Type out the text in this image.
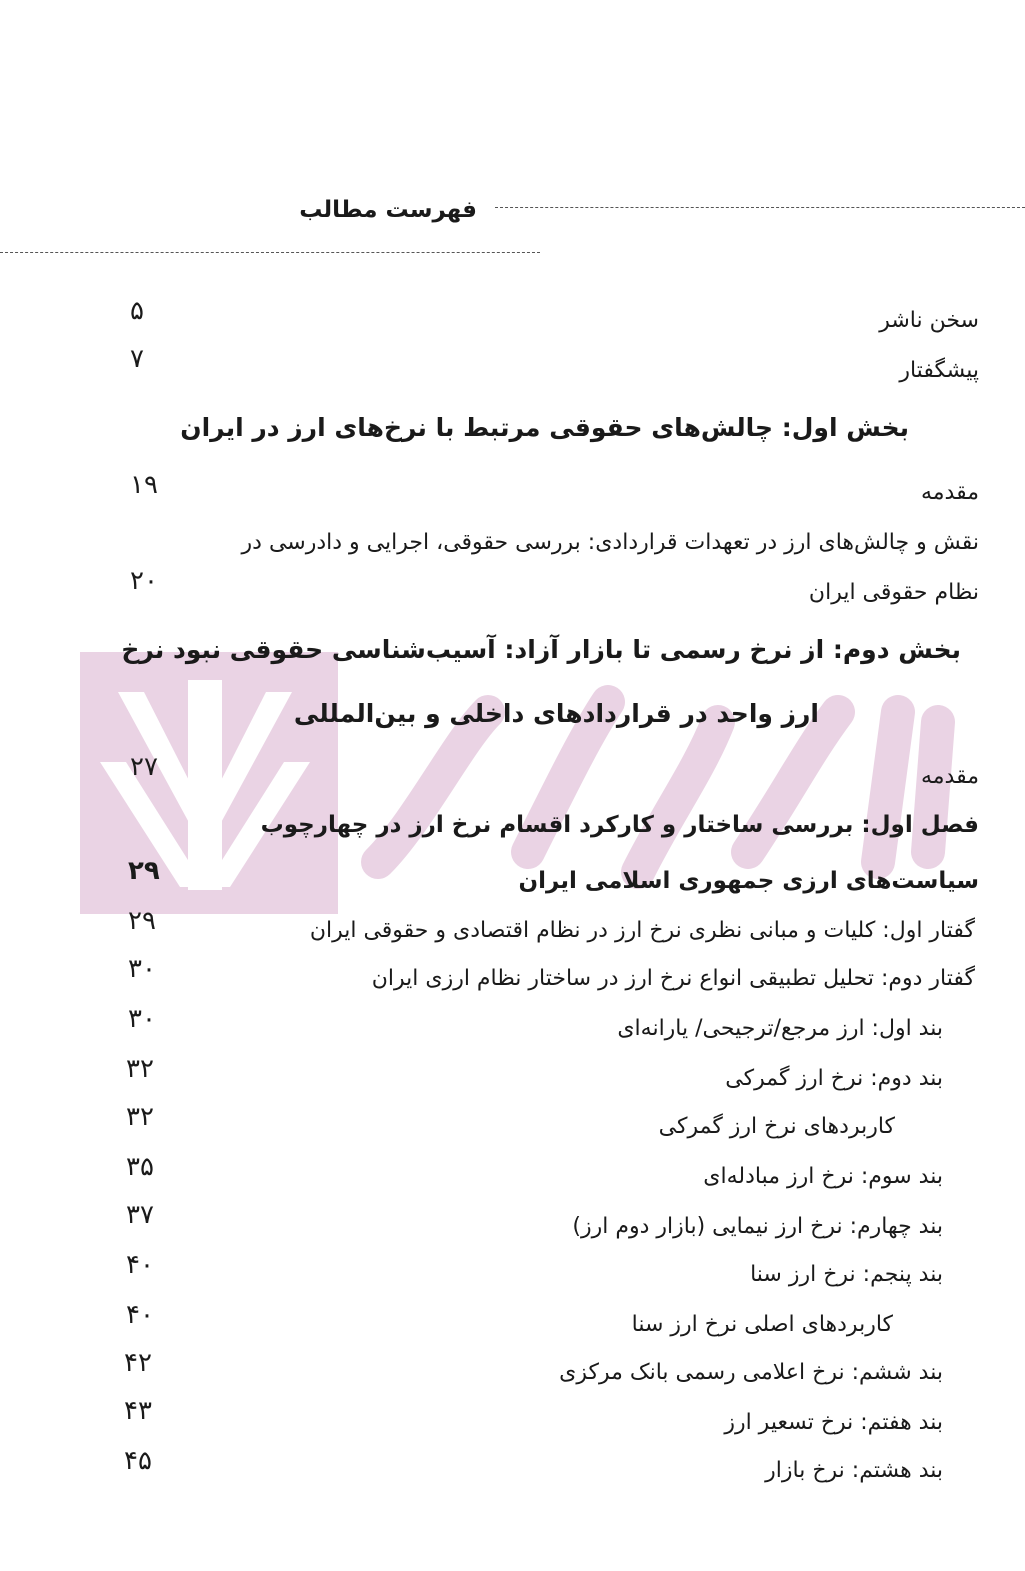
فهرست مطالب
۵	سخن ناشر
۷	پیشگفتار
بخش اول: چالش‌های حقوقی مرتبط با نرخ‌های ارز در ایران
۱۹	مقدمه
نقش و چالش‌های ارز در تعهدات قراردادی: بررسی حقوقی، اجرایی و دادرسی در
۲۰	نظام حقوقی ایران
بخش دوم: از نرخ رسمی تا بازار آزاد: آسیب‌شناسی حقوقی نبود نرخ
ارز واحد در قراردادهای داخلی و بین‌المللی
۲۷	مقدمه
فصل اول: بررسی ساختار و کارکرد اقسام نرخ ارز در چهارچوب
۲۹	سیاست‌های ارزی جمهوری اسلامی ایران
۲۹	گفتار اول: کلیات و مبانی نظری نرخ ارز در نظام اقتصادی و حقوقی ایران
۳۰	گفتار دوم: تحلیل تطبیقی انواع نرخ ارز در ساختار نظام ارزی ایران
۳۰	بند اول: ارز مرجع/ترجیحی/ یارانه‌ای
۳۲	بند دوم: نرخ ارز گمرکی
۳۲	کاربردهای نرخ ارز گمرکی
۳۵	بند سوم: نرخ ارز مبادله‌ای
۳۷	بند چهارم: نرخ ارز نیمایی (بازار دوم ارز)
۴۰	بند پنجم: نرخ ارز سنا
۴۰	کاربردهای اصلی نرخ ارز سنا
۴۲	بند ششم: نرخ اعلامی رسمی بانک مرکزی
۴۳	بند هفتم: نرخ تسعیر ارز
۴۵	بند هشتم: نرخ بازار
